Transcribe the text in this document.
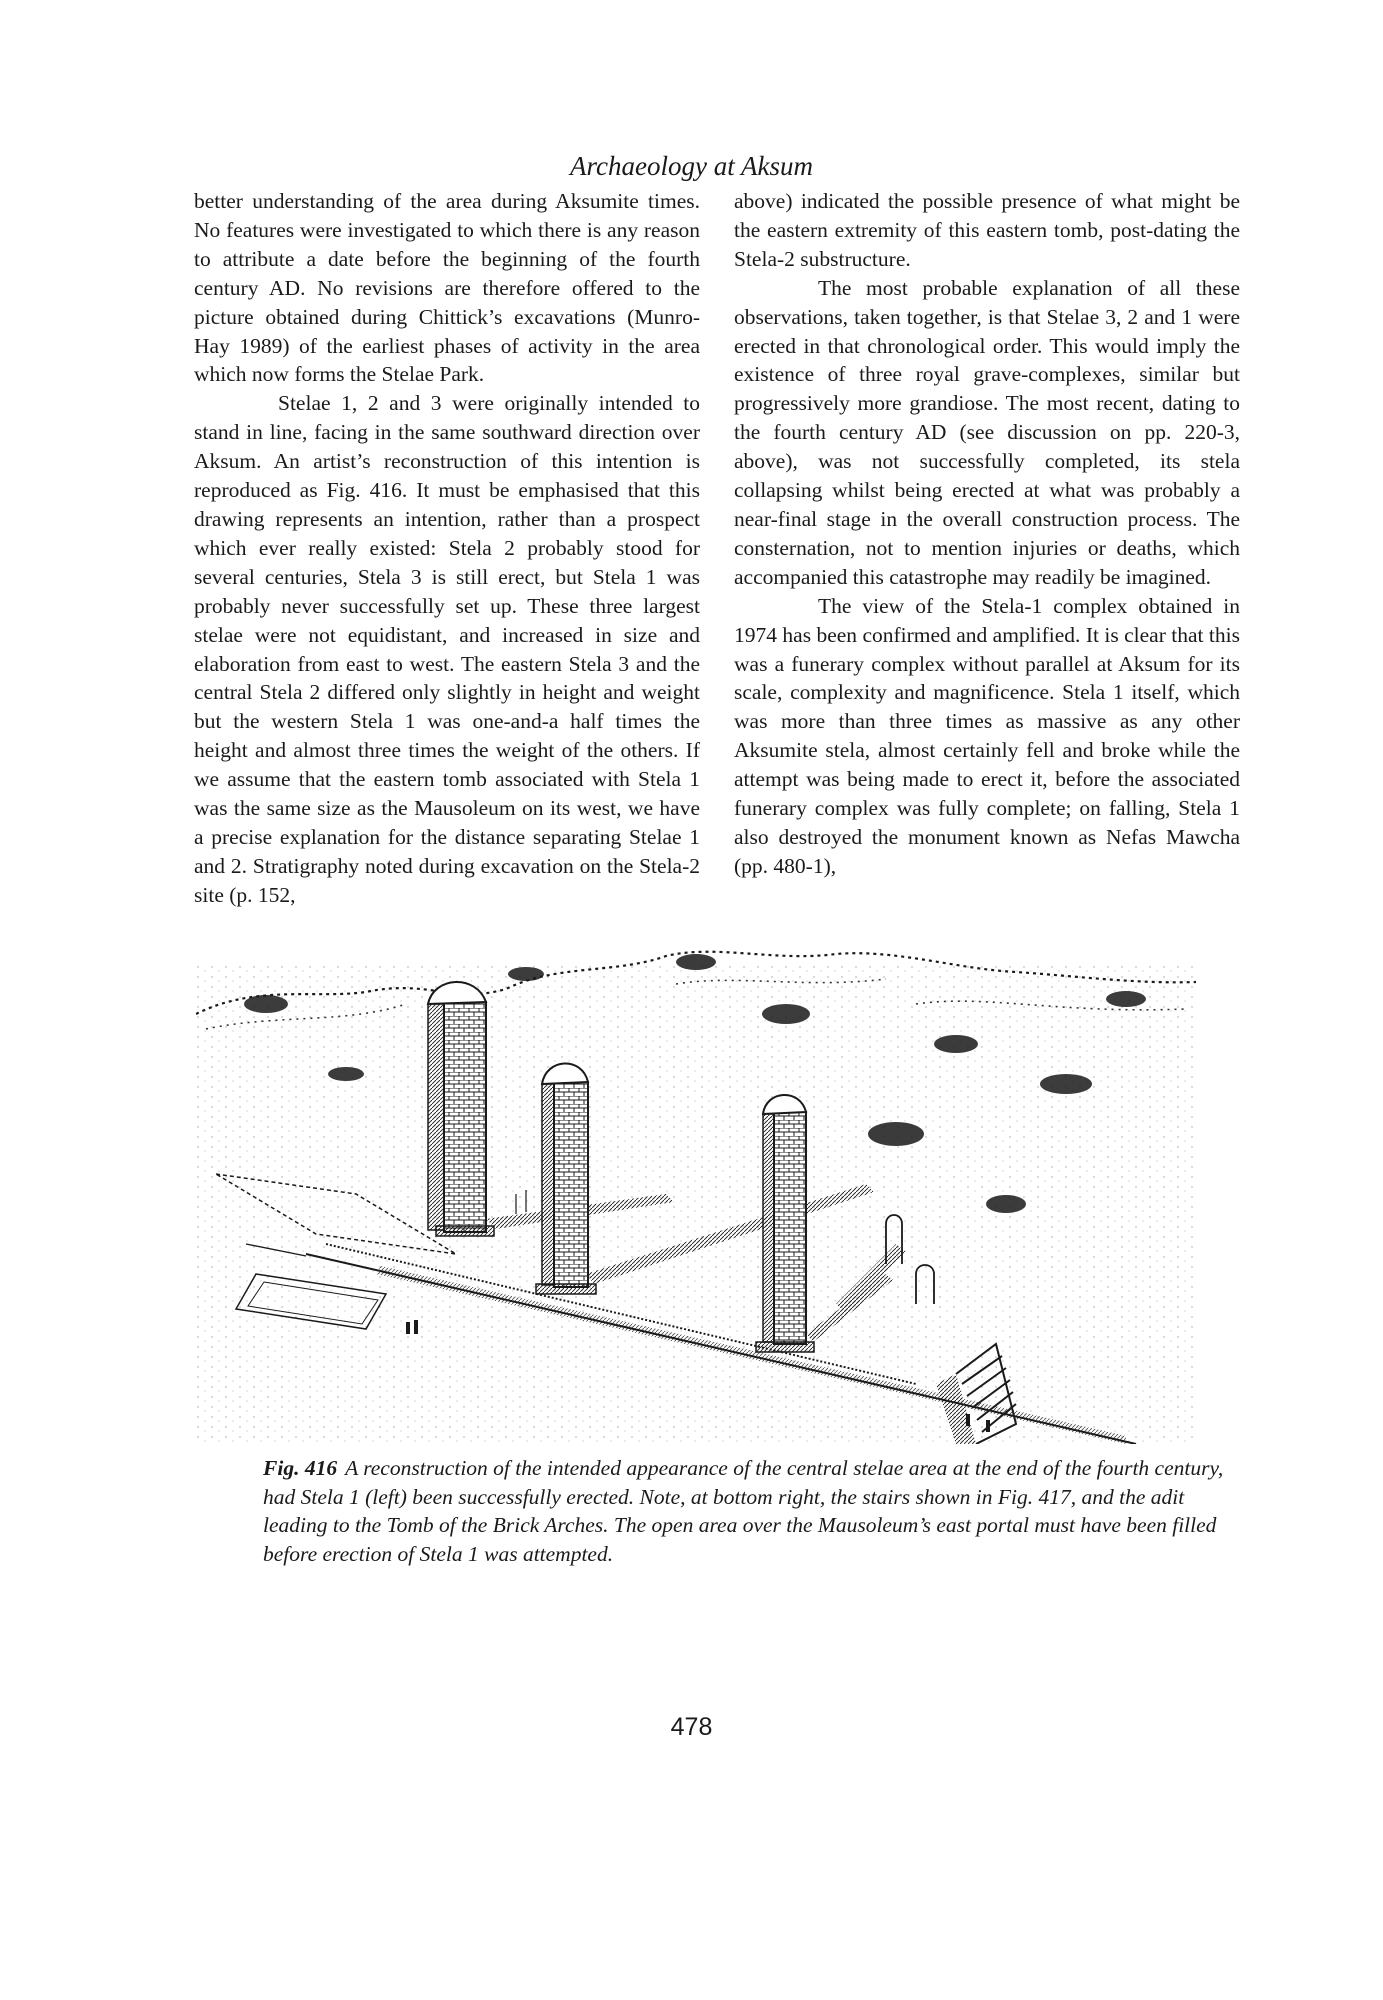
Archaeology at Aksum

better understanding of the area during Aksumite times. No features were investigated to which there is any reason to attribute a date before the beginning of the fourth century AD. No revisions are therefore offered to the picture obtained during Chittick’s excavations (Munro-Hay 1989) of the earliest phases of activity in the area which now forms the Stelae Park.

Stelae 1, 2 and 3 were originally intended to stand in line, facing in the same southward direction over Aksum. An artist’s reconstruction of this intention is reproduced as Fig. 416. It must be emphasised that this drawing represents an intention, rather than a prospect which ever really existed: Stela 2 probably stood for several centuries, Stela 3 is still erect, but Stela 1 was probably never successfully set up. These three largest stelae were not equidistant, and increased in size and elaboration from east to west. The eastern Stela 3 and the central Stela 2 differed only slightly in height and weight but the western Stela 1 was one-and-a half times the height and almost three times the weight of the others. If we assume that the eastern tomb associated with Stela 1 was the same size as the Mausoleum on its west, we have a precise explanation for the distance separating Stelae 1 and 2. Stratigraphy noted during excavation on the Stela-2 site (p. 152,

above) indicated the possible presence of what might be the eastern extremity of this eastern tomb, post-dating the Stela-2 substructure.

The most probable explanation of all these observations, taken together, is that Stelae 3, 2 and 1 were erected in that chronological order. This would imply the existence of three royal grave-complexes, similar but progressively more grandiose. The most recent, dating to the fourth century AD (see discussion on pp. 220-3, above), was not successfully completed, its stela collapsing whilst being erected at what was probably a near-final stage in the overall construction process. The consternation, not to mention injuries or deaths, which accompanied this catastrophe may readily be imagined.

The view of the Stela-1 complex obtained in 1974 has been confirmed and amplified. It is clear that this was a funerary complex without parallel at Aksum for its scale, complexity and magnificence. Stela 1 itself, which was more than three times as massive as any other Aksumite stela, almost certainly fell and broke while the attempt was being made to erect it, before the associated funerary complex was fully complete; on falling, Stela 1 also destroyed the monument known as Nefas Mawcha (pp. 480-1),

Fig. 416 A reconstruction of the intended appearance of the central stelae area at the end of the fourth century, had Stela 1 (left) been successfully erected. Note, at bottom right, the stairs shown in Fig. 417, and the adit leading to the Tomb of the Brick Arches. The open area over the Mausoleum’s east portal must have been filled before erection of Stela 1 was attempted.
478
